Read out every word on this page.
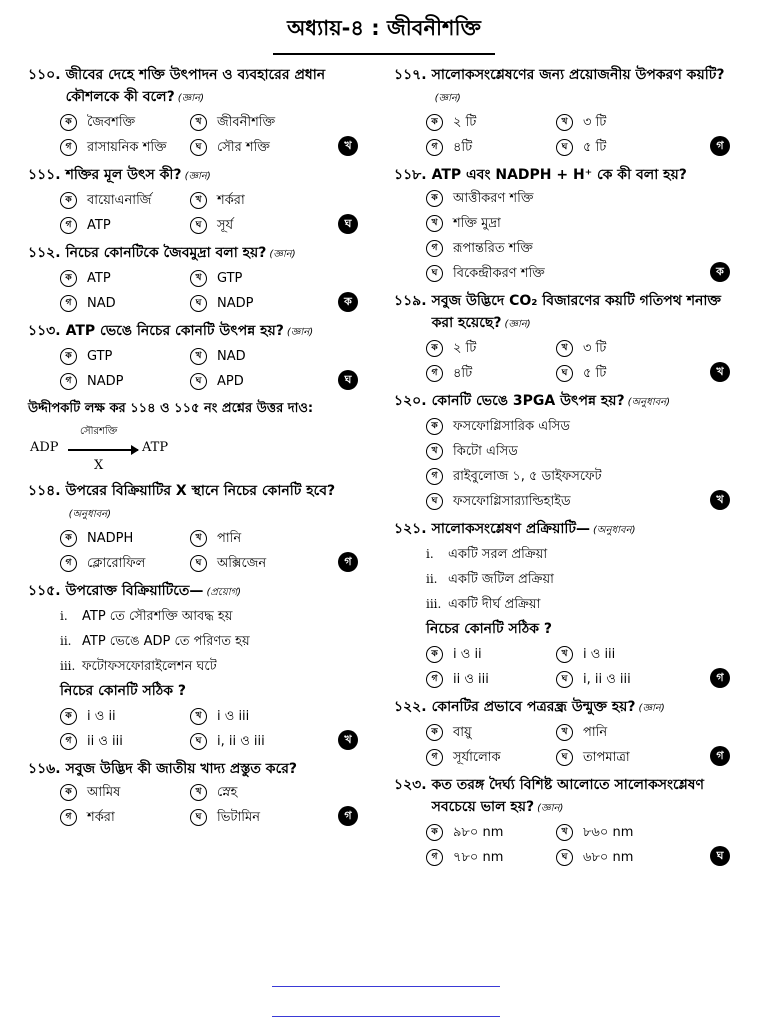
অধ্যায়-৪ : জীবনীশক্তি
১১০. জীবের দেহে শক্তি উৎপাদন ও ব্যবহারের প্রধান কৌশলকে কী বলে? (জ্ঞান)
ক	জৈবশক্তি	খ	জীবনীশক্তি
গ	রাসায়নিক শক্তি	ঘ	সৌর শক্তি	খ
১১১. শক্তির মূল উৎস কী? (জ্ঞান)
ক	বায়োএনার্জি	খ	শর্করা
গ	ATP	ঘ	সূর্য	ঘ
১১২. নিচের কোনটিকে জৈবমুদ্রা বলা হয়? (জ্ঞান)
ক	ATP	খ	GTP
গ	NAD	ঘ	NADP	ক
১১৩. ATP ভেঙে নিচের কোনটি উৎপন্ন হয়? (জ্ঞান)
ক	GTP	খ	NAD
গ	NADP	ঘ	APD	ঘ
উদ্দীপকটি লক্ষ কর ১১৪ ও ১১৫ নং প্রশ্নের উত্তর দাও:
ADP
সৌরশক্তি
X
ATP
১১৪. উপরের বিক্রিয়াটির X স্থানে নিচের কোনটি হবে?(অনুধাবন)
ক	NADPH	খ	পানি
গ	ক্লোরোফিল	ঘ	অক্সিজেন	গ
১১৫. উপরোক্ত বিক্রিয়াটিতে— (প্রয়োগ)
i. ATP তে সৌরশক্তি আবদ্ধ হয়
ii. ATP ভেঙে ADP তে পরিণত হয়
iii. ফটোফসফোরাইলেশন ঘটে
নিচের কোনটি সঠিক ?
ক	i ও ii	খ	i ও iii
গ	ii ও iii	ঘ	i, ii ও iii	খ
১১৬. সবুজ উদ্ভিদ কী জাতীয় খাদ্য প্রস্তুত করে?
ক	আমিষ	খ	স্নেহ
গ	শর্করা	ঘ	ভিটামিন	গ
১১৭. সালোকসংশ্লেষণের জন্য প্রয়োজনীয় উপকরণ কয়টি?(জ্ঞান)
ক	২ টি	খ	৩ টি
গ	৪টি	ঘ	৫ টি	গ
১১৮. ATP এবং NADPH + H⁺ কে কী বলা হয়?
ক	আত্তীকরণ শক্তি
খ	শক্তি মুদ্রা
গ	রূপান্তরিত শক্তি
ঘ	বিকেন্দ্রীকরণ শক্তি	ক
১১৯. সবুজ উদ্ভিদে CO₂ বিজারণের কয়টি গতিপথ শনাক্ত করা হয়েছে? (জ্ঞান)
ক	২ টি	খ	৩ টি
গ	৪টি	ঘ	৫ টি	খ
১২০. কোনটি ভেঙে 3PGA উৎপন্ন হয়? (অনুধাবন)
ক	ফসফোগ্লিসারিক এসিড
খ	কিটো এসিড
গ	রাইবুলোজ ১, ৫ ডাইফসফেট
ঘ	ফসফোগ্লিসার‍্যাল্ডিহাইড	খ
১২১. সালোকসংশ্লেষণ প্রক্রিয়াটি— (অনুধাবন)
i. একটি সরল প্রক্রিয়া
ii. একটি জটিল প্রক্রিয়া
iii. একটি দীর্ঘ প্রক্রিয়া
নিচের কোনটি সঠিক ?
ক	i ও ii	খ	i ও iii
গ	ii ও iii	ঘ	i, ii ও iii	গ
১২২. কোনটির প্রভাবে পত্ররন্ধ্র উন্মুক্ত হয়? (জ্ঞান)
ক	বায়ু	খ	পানি
গ	সূর্যালোক	ঘ	তাপমাত্রা	গ
১২৩. কত তরঙ্গ দৈর্ঘ্য বিশিষ্ট আলোতে সালোকসংশ্লেষণ সবচেয়ে ভাল হয়? (জ্ঞান)
ক	৯৮০ nm	খ	৮৬০ nm
গ	৭৮০ nm	ঘ	৬৮০ nm	ঘ
